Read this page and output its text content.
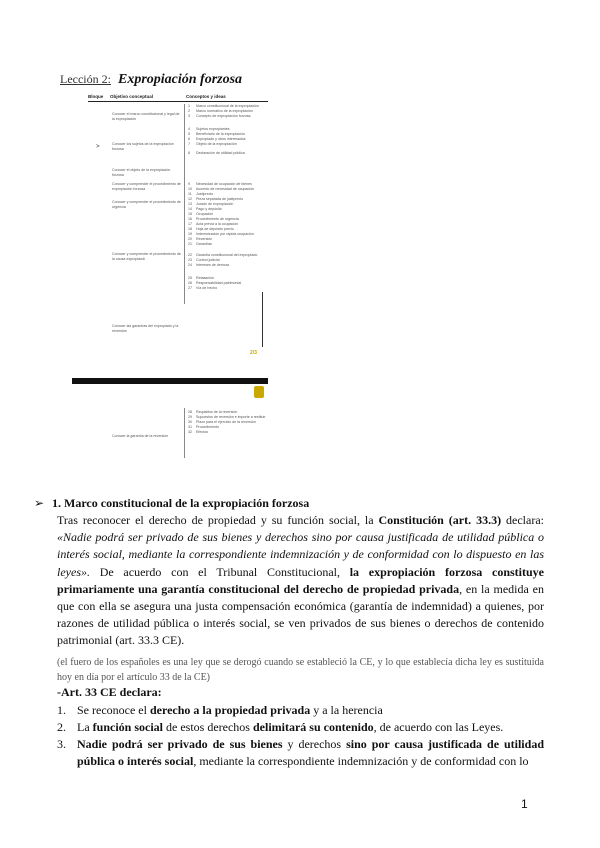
Lección 2: Expropiación forzosa
Bloque	Objetivo conceptual	Conceptos y ideas
>
Conocer el marco constitucional y legal de la expropiación
Conocer los sujetos de la expropiación forzosa
Conocer el objeto de la expropiación forzosa
Conocer y comprender el procedimiento de expropiación forzosa
Conocer y comprender el procedimiento de urgencia
Conocer y comprender el procedimiento de la causa expropiandi
Conocer las garantías del expropiado y la reversión
1 Marco constitucional de la expropiación
2 Marco normativo de la expropiación
3 Concepto de expropiación forzosa
4 Sujetos expropiantes
5 Beneficiario de la expropiación
6 Expropiado y otros interesados
7 Objeto de la expropiación
8 Declaración de utilidad pública
9 Necesidad de ocupación de bienes
10 Acuerdo de necesidad de ocupación
11 Justiprecio
12 Pieza separada de justiprecio
13 Jurado de expropiación
14 Pago y depósito
15 Ocupación
16 Procedimiento de urgencia
17 Acta previa a la ocupación
18 Hoja de depósito previo
19 Indemnización por rápida ocupación
20 Reversión
21 Garantías
22 Garantía constitucional del expropiado
23 Control judicial
24 Intereses de demora
25 Retasación
26 Responsabilidad patrimonial
27 Vía de hecho
2/3
Conocer la garantía de la reversión
28 Requisitos de la reversión
29 Supuestos de reversión e importe a restituir
30 Plazo para el ejercicio de la reversión
31 Procedimiento
32 Efectos
➢ 1. Marco constitucional de la expropiación forzosa

Tras reconocer el derecho de propiedad y su función social, la Constitución (art. 33.3) declara: «Nadie podrá ser privado de sus bienes y derechos sino por causa justificada de utilidad pública o interés social, mediante la correspondiente indemnización y de conformidad con lo dispuesto en las leyes». De acuerdo con el Tribunal Constitucional, la expropiación forzosa constituye primariamente una garantía constitucional del derecho de propiedad privada, en la medida en que con ella se asegura una justa compensación económica (garantía de indemnidad) a quienes, por razones de utilidad pública o interés social, se ven privados de sus bienes o derechos de contenido patrimonial (art. 33.3 CE).

(el fuero de los españoles es una ley que se derogó cuando se estableció la CE, y lo que establecía dicha ley es sustituida hoy en día por el artículo 33 de la CE)

-Art. 33 CE declara:
1. Se reconoce el derecho a la propiedad privada y a la herencia
2. La función social de estos derechos delimitará su contenido, de acuerdo con las Leyes.
3. Nadie podrá ser privado de sus bienes y derechos sino por causa justificada de utilidad pública o interés social, mediante la correspondiente indemnización y de conformidad con lo
1
